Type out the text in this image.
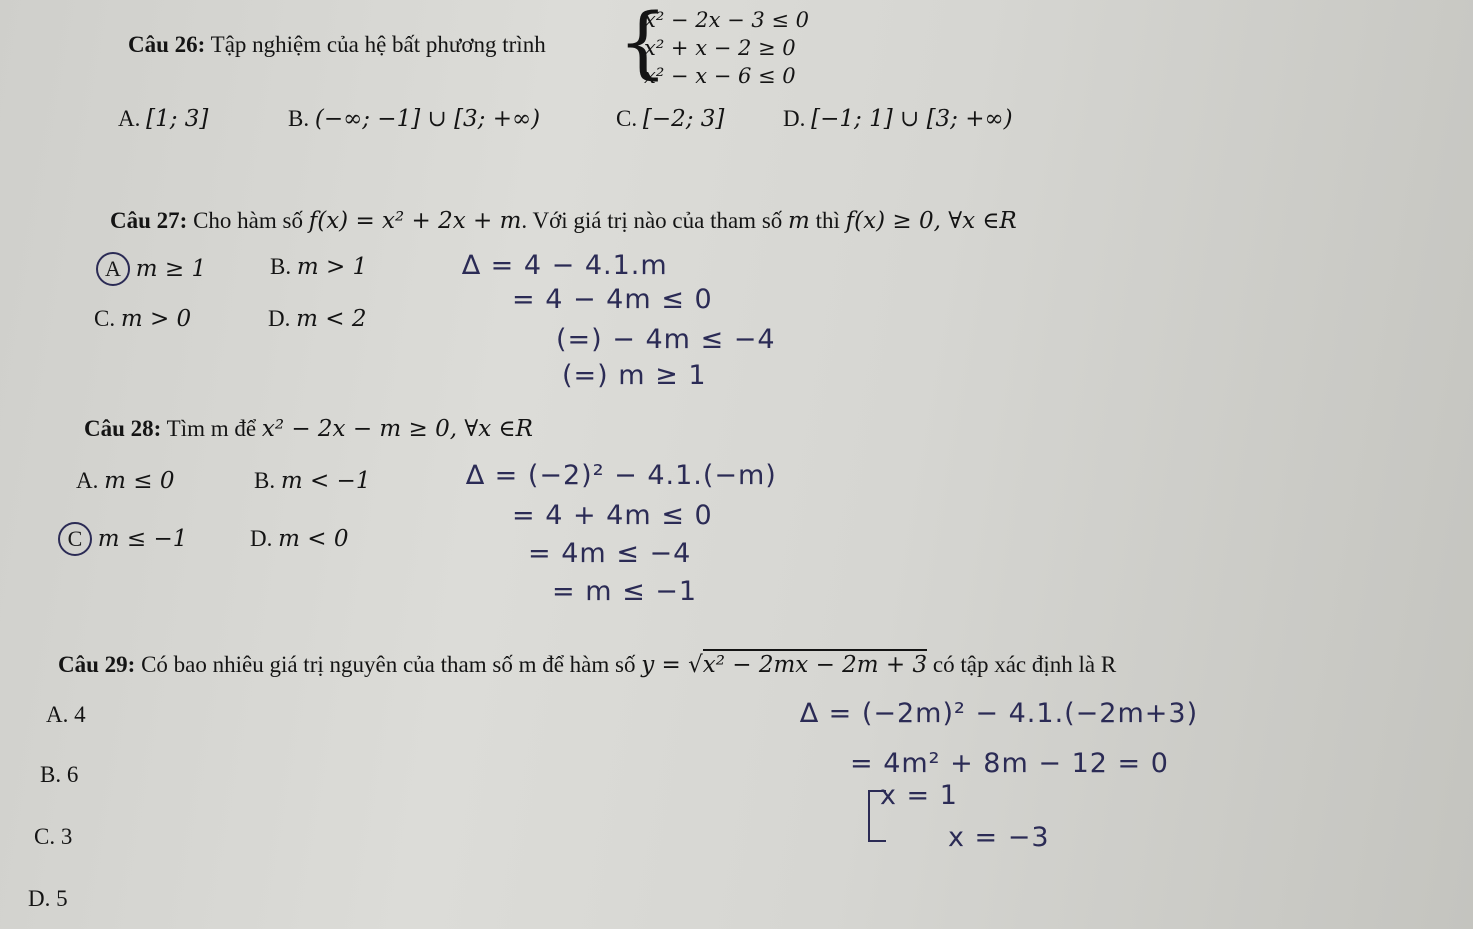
Câu 26: Tập nghiệm của hệ bất phương trình {
x² − 2x − 3 ≤ 0
x² + x − 2 ≥ 0
x² − x − 6 ≤ 0
A. [1; 3]	B. (−∞; −1] ∪ [3; +∞)	C. [−2; 3]	D. [−1; 1] ∪ [3; +∞)
Câu 27: Cho hàm số f(x) = x² + 2x + m. Với giá trị nào của tham số m thì f(x) ≥ 0, ∀x ∈R
A m ≥ 1	B. m > 1
C. m > 0	D. m < 2
∆ = 4 − 4.1.m
= 4 − 4m ≤ 0
(=) − 4m ≤ −4
(=) m ≥ 1
Câu 28: Tìm m để x² − 2x − m ≥ 0, ∀x ∈R
A. m ≤ 0	B. m < −1
C m ≤ −1	D. m < 0
∆ = (−2)² − 4.1.(−m)
= 4 + 4m ≤ 0
= 4m ≤ −4
= m ≤ −1
Câu 29: Có bao nhiêu giá trị nguyên của tham số m để hàm số y = √x² − 2mx − 2m + 3 có tập xác định là R
A. 4
B. 6
C. 3
D. 5
∆ = (−2m)² − 4.1.(−2m+3)
= 4m² + 8m − 12 = 0
x = 1
x = −3
